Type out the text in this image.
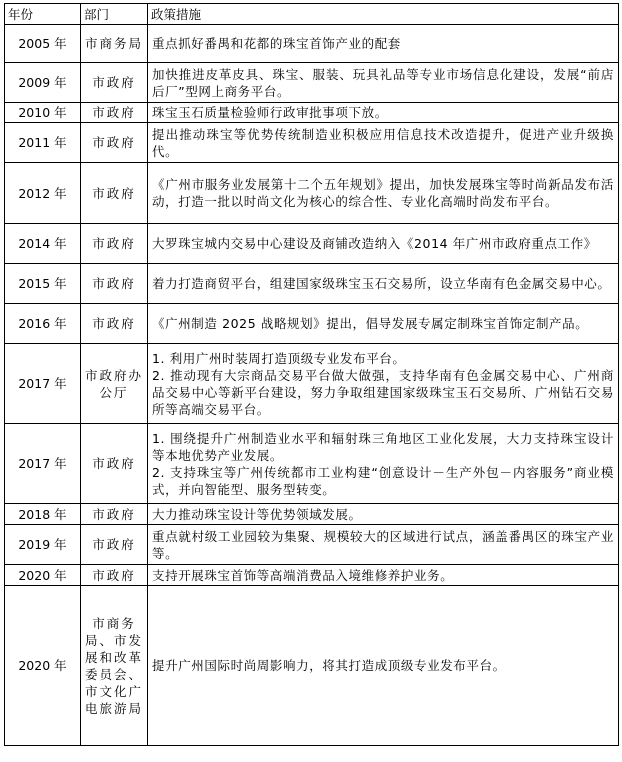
年份	部门	政策措施
2005 年	市商务局	重点抓好番禺和花都的珠宝首饰产业的配套

2009 年	市政府	加快推进皮革皮具、珠宝、服装、玩具礼品等专业市场信息化建设，发展“前店后厂”型网上商务平台。

2010 年	市政府	珠宝玉石质量检验师行政审批事项下放。

2011 年	市政府	提出推动珠宝等优势传统制造业积极应用信息技术改造提升，促进产业升级换代。

2012 年	市政府	《广州市服务业发展第十二个五年规划》提出，加快发展珠宝等时尚新品发布活动，打造一批以时尚文化为核心的综合性、专业化高端时尚发布平台。

2014 年	市政府	大罗珠宝城内交易中心建设及商铺改造纳入《2014 年广州市政府重点工作》

2015 年	市政府	着力打造商贸平台，组建国家级珠宝玉石交易所，设立华南有色金属交易中心。

2016 年	市政府	《广州制造 2025 战略规划》提出，倡导发展专属定制珠宝首饰定制产品。

2017 年	市政府办公厅	1. 利用广州时装周打造顶级专业发布平台。
2. 推动现有大宗商品交易平台做大做强，支持华南有色金属交易中心、广州商品交易中心等新平台建设，努力争取组建国家级珠宝玉石交易所、广州钻石交易所等高端交易平台。

2017 年	市政府	1. 围绕提升广州制造业水平和辐射珠三角地区工业化发展，大力支持珠宝设计等本地优势产业发展。
2. 支持珠宝等广州传统都市工业构建“创意设计－生产外包－内容服务”商业模式，并向智能型、服务型转变。

2018 年	市政府	大力推动珠宝设计等优势领域发展。

2019 年	市政府	重点就村级工业园较为集聚、规模较大的区域进行试点，涵盖番禺区的珠宝产业等。

2020 年	市政府	支持开展珠宝首饰等高端消费品入境维修养护业务。

2020 年	市商务局、市发展和改革委员会、市文化广电旅游局	提升广州国际时尚周影响力，将其打造成顶级专业发布平台。
